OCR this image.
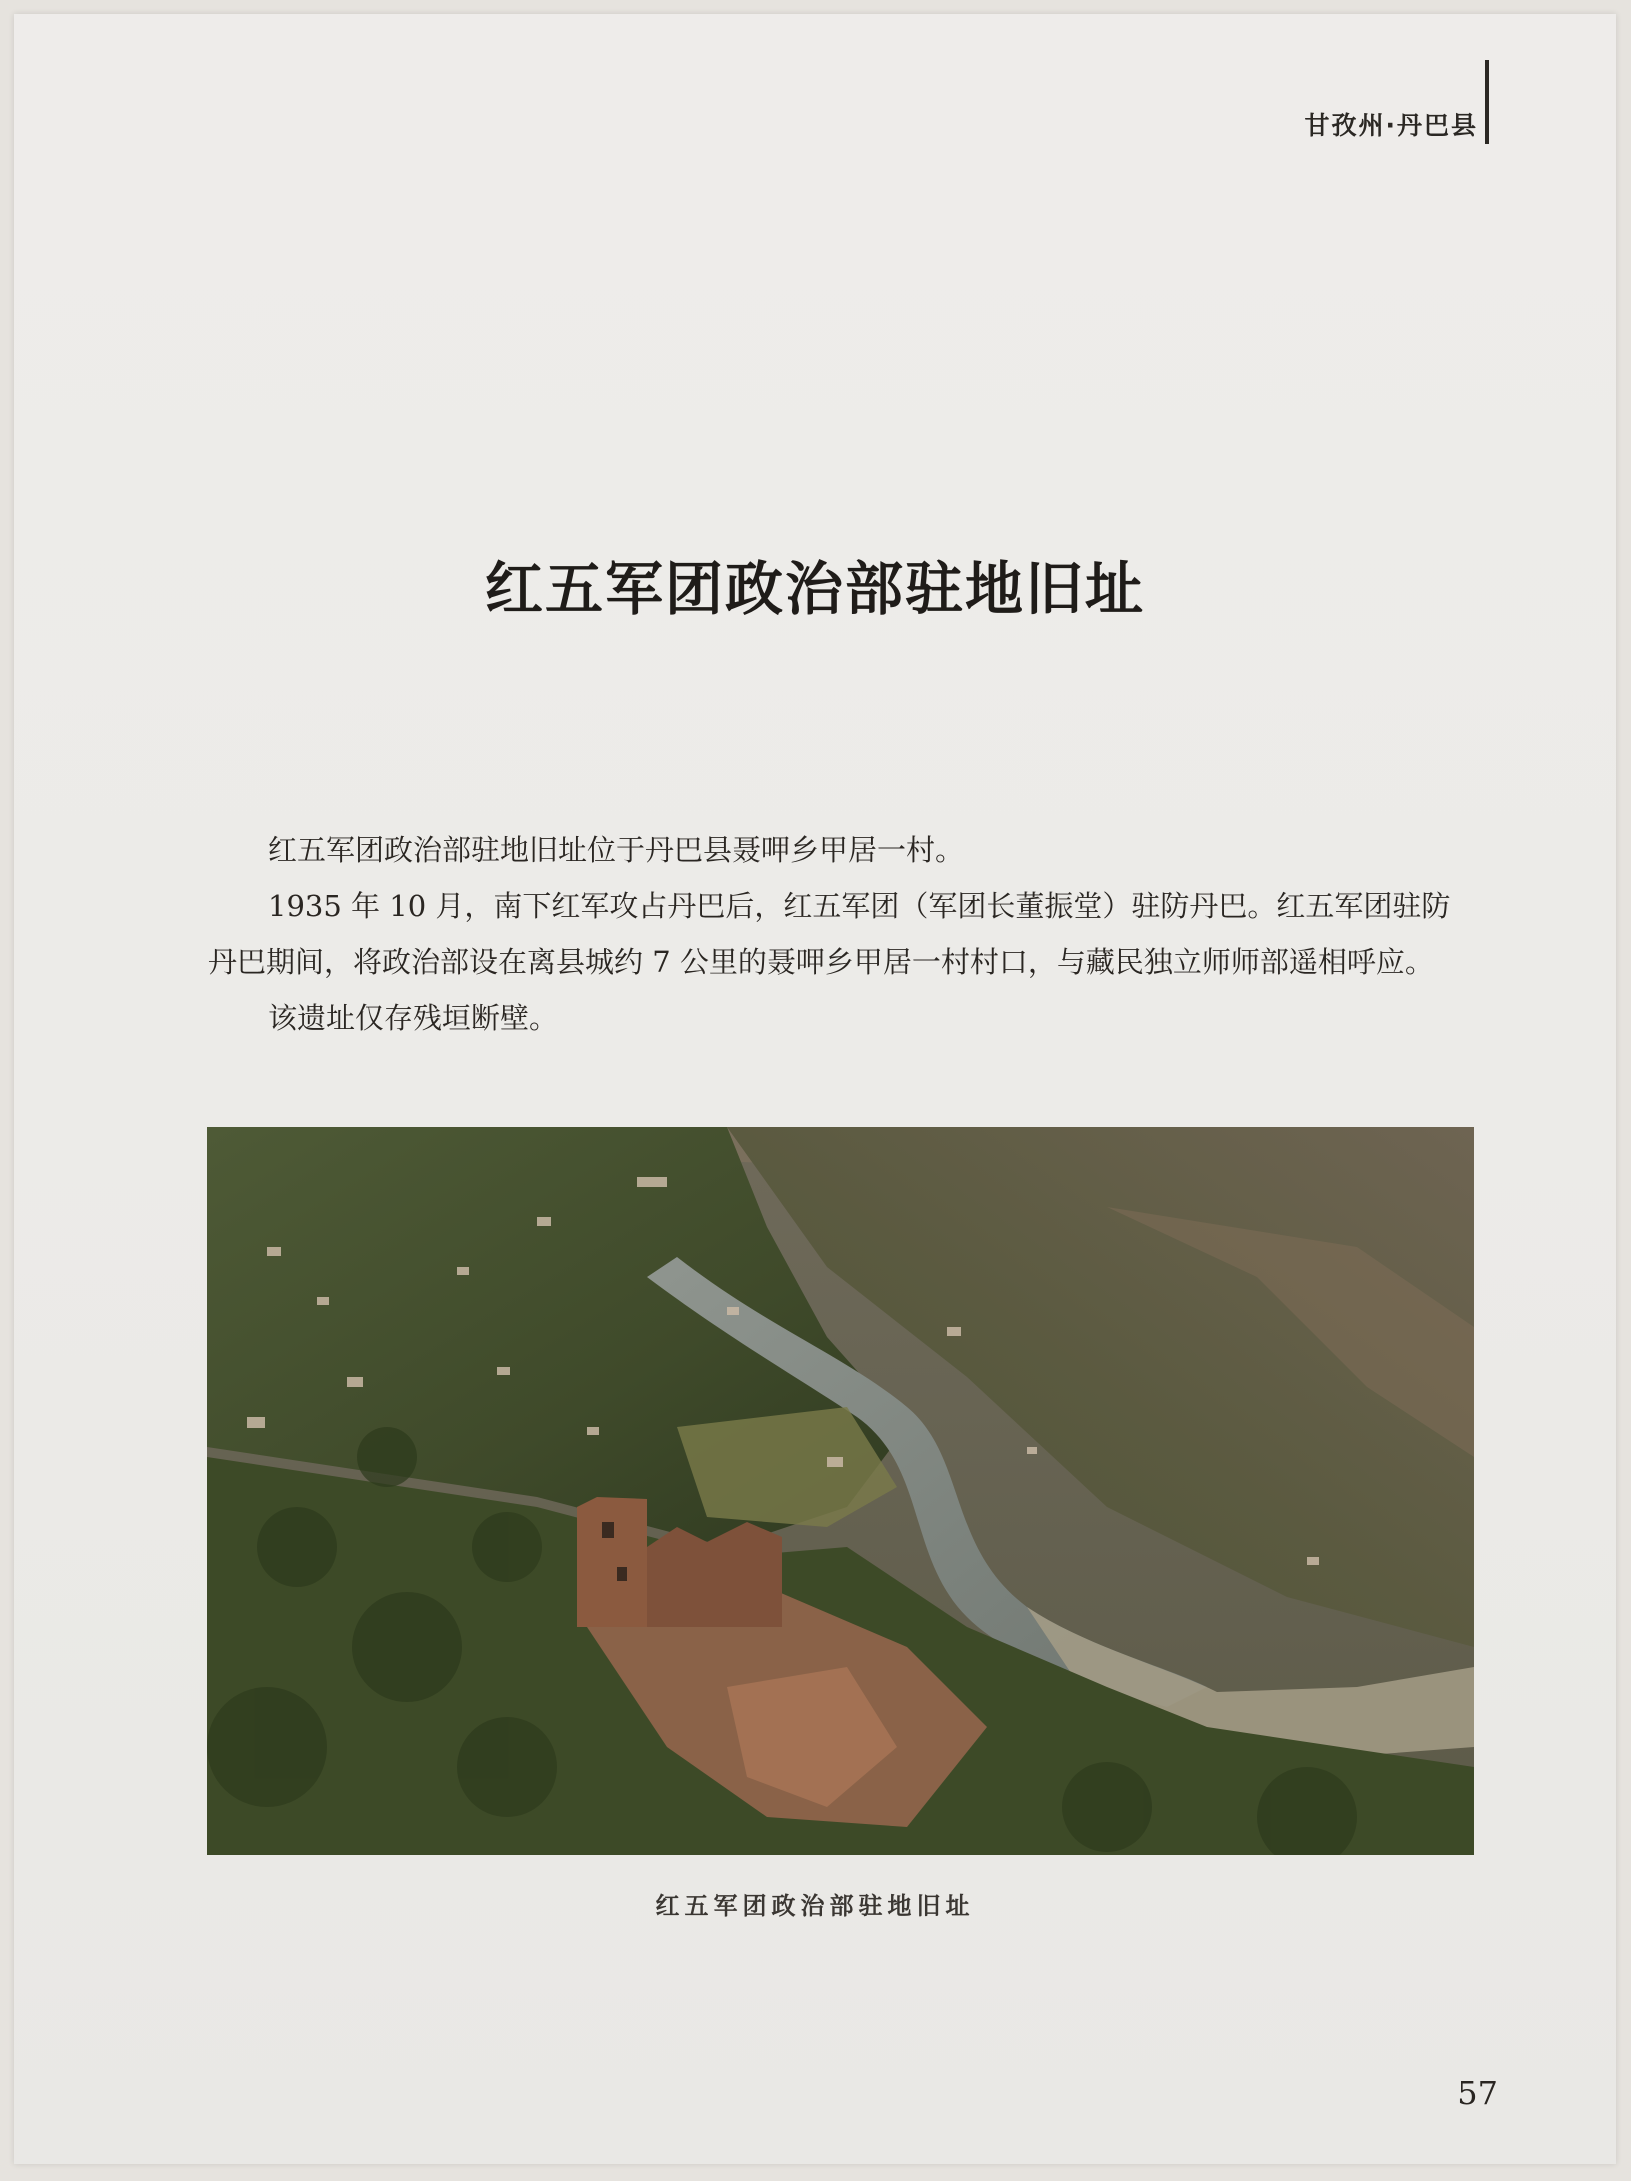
甘孜州·丹巴县
红五军团政治部驻地旧址

红五军团政治部驻地旧址位于丹巴县聂呷乡甲居一村。

1935 年 10 月，南下红军攻占丹巴后，红五军团（军团长董振堂）驻防丹巴。红五军团驻防丹巴期间，将政治部设在离县城约 7 公里的聂呷乡甲居一村村口，与藏民独立师师部遥相呼应。

该遗址仅存残垣断壁。

红五军团政治部驻地旧址
57
